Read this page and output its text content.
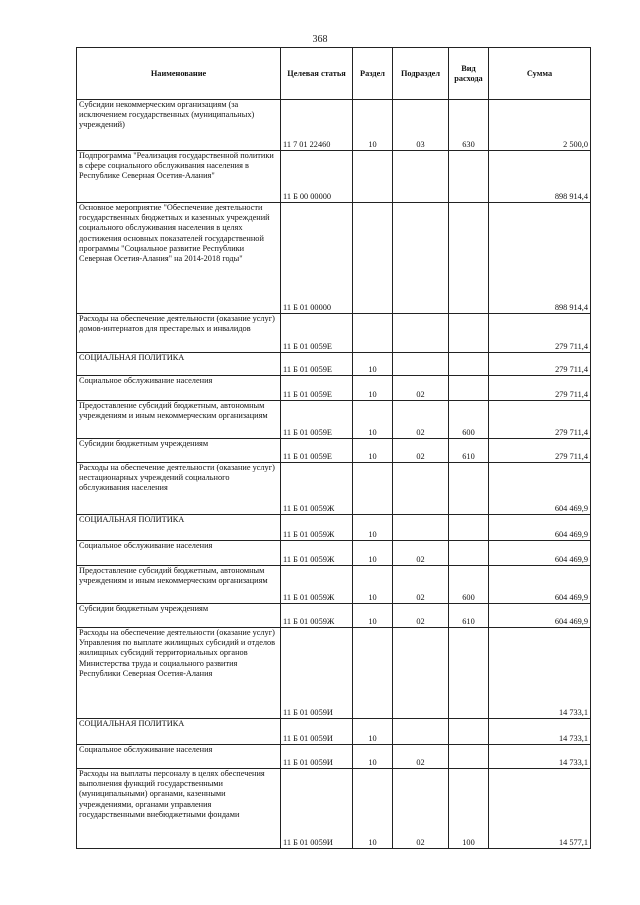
368
Наименование	Целевая статья	Раздел	Подраздел	Вид расхода	Сумма
Субсидии некоммерческим организациям (за исключением государственных (муниципальных) учреждений)	11 7 01 22460	10	03	630	2 500,0
Подпрограмма "Реализация государственной политики в сфере социального обслуживания населения в Республике Северная Осетия-Алания"	11 Б 00 00000				898 914,4
Основное мероприятие "Обеспечение деятельности государственных бюджетных и казенных учреждений социального обслуживания населения в целях достижения основных показателей государственной программы "Социальное развитие Республики Северная Осетия-Алания" на 2014-2018 годы"	11 Б 01 00000				898 914,4
Расходы на обеспечение деятельности (оказание услуг) домов-интернатов для престарелых и инвалидов	11 Б 01 0059Е				279 711,4
СОЦИАЛЬНАЯ ПОЛИТИКА	11 Б 01 0059Е	10			279 711,4
Социальное обслуживание населения	11 Б 01 0059Е	10	02		279 711,4
Предоставление субсидий бюджетным, автономным учреждениям и иным некоммерческим организациям	11 Б 01 0059Е	10	02	600	279 711,4
Субсидии бюджетным учреждениям	11 Б 01 0059Е	10	02	610	279 711,4
Расходы на обеспечение деятельности (оказание услуг) нестационарных учреждений социального обслуживания населения	11 Б 01 0059Ж				604 469,9
СОЦИАЛЬНАЯ ПОЛИТИКА	11 Б 01 0059Ж	10			604 469,9
Социальное обслуживание населения	11 Б 01 0059Ж	10	02		604 469,9
Предоставление субсидий бюджетным, автономным учреждениям и иным некоммерческим организациям	11 Б 01 0059Ж	10	02	600	604 469,9
Субсидии бюджетным учреждениям	11 Б 01 0059Ж	10	02	610	604 469,9
Расходы на обеспечение деятельности (оказание услуг) Управления по выплате жилищных субсидий и отделов жилищных субсидий территориальных органов Министерства труда и социального развития Республики Северная Осетия-Алания	11 Б 01 0059И				14 733,1
СОЦИАЛЬНАЯ ПОЛИТИКА	11 Б 01 0059И	10			14 733,1
Социальное обслуживание населения	11 Б 01 0059И	10	02		14 733,1
Расходы на выплаты персоналу в целях обеспечения выполнения функций государственными (муниципальными) органами, казенными учреждениями, органами управления государственными внебюджетными фондами	11 Б 01 0059И	10	02	100	14 577,1
